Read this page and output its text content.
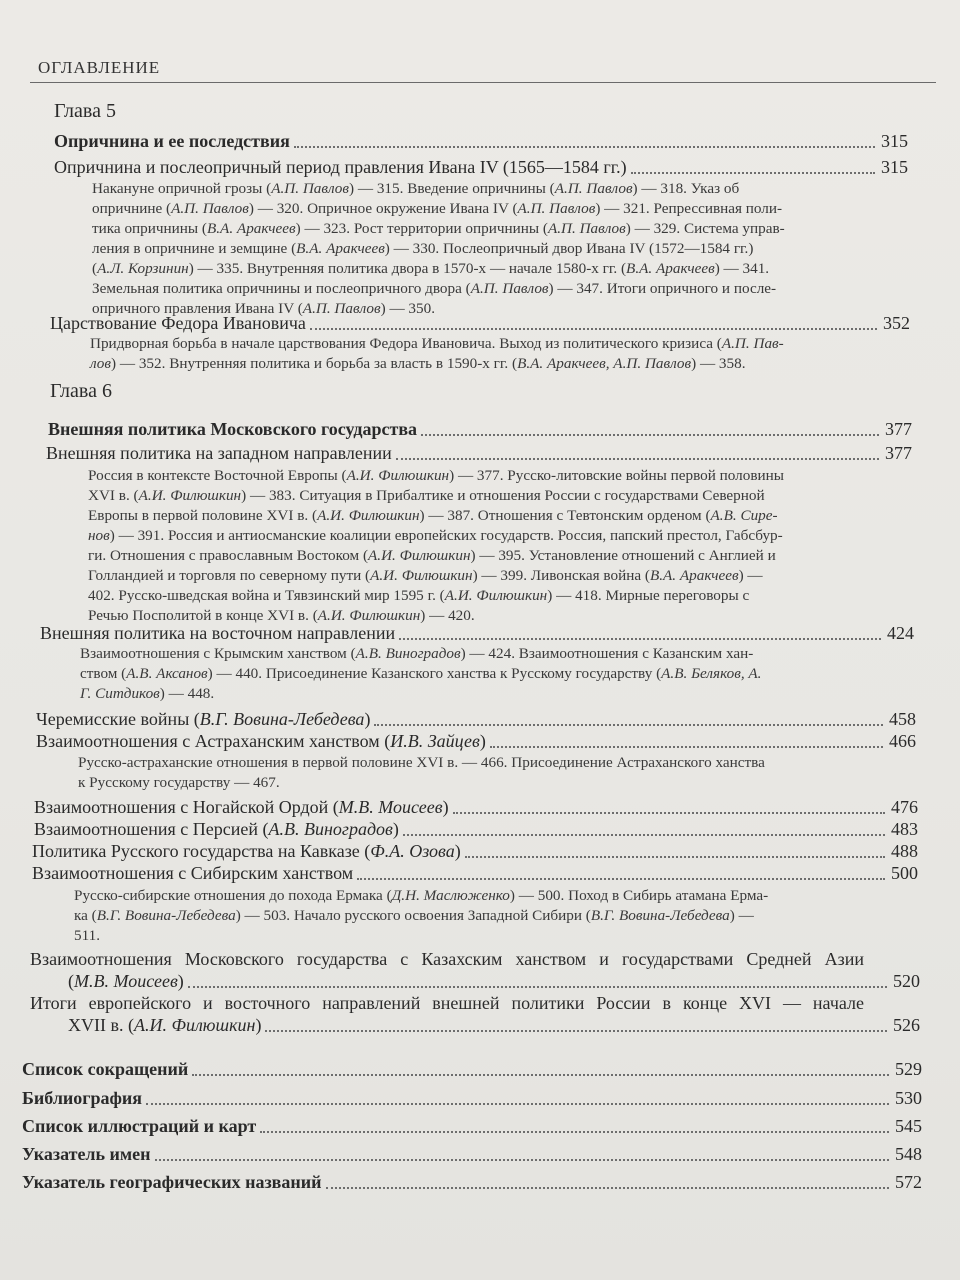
ОГЛАВЛЕНИЕ
Глава 5
Опричнина и ее последствия	315
Опричнина и послеопричный период правления Ивана IV (1565—1584 гг.)	315
Накануне опричной грозы (А.П. Павлов) — 315. Введение опричнины (А.П. Павлов) — 318. Указ об
опричнине (А.П. Павлов) — 320. Опричное окружение Ивана IV (А.П. Павлов) — 321. Репрессивная поли-
тика опричнины (В.А. Аракчеев) — 323. Рост территории опричнины (А.П. Павлов) — 329. Система управ-
ления в опричнине и земщине (В.А. Аракчеев) — 330. Послеопричный двор Ивана IV (1572—1584 гг.)
(А.Л. Корзинин) — 335. Внутренняя политика двора в 1570-х — начале 1580-х гг. (В.А. Аракчеев) — 341.
Земельная политика опричнины и послеопричного двора (А.П. Павлов) — 347. Итоги опричного и после-
опричного правления Ивана IV (А.П. Павлов) — 350.
Царствование Федора Ивановича	352
Придворная борьба в начале царствования Федора Ивановича. Выход из политического кризиса (А.П. Пав-
лов) — 352. Внутренняя политика и борьба за власть в 1590-х гг. (В.А. Аракчеев, А.П. Павлов) — 358.
Глава 6
Внешняя политика Московского государства	377
Внешняя политика на западном направлении	377
Россия в контексте Восточной Европы (А.И. Филюшкин) — 377. Русско-литовские войны первой половины
XVI в. (А.И. Филюшкин) — 383. Ситуация в Прибалтике и отношения России с государствами Северной
Европы в первой половине XVI в. (А.И. Филюшкин) — 387. Отношения с Тевтонским орденом (А.В. Сире-
нов) — 391. Россия и антиосманские коалиции европейских государств. Россия, папский престол, Габсбур-
ги. Отношения с православным Востоком (А.И. Филюшкин) — 395. Установление отношений с Англией и
Голландией и торговля по северному пути (А.И. Филюшкин) — 399. Ливонская война (В.А. Аракчеев) —
402. Русско-шведская война и Тявзинский мир 1595 г. (А.И. Филюшкин) — 418. Мирные переговоры с
Речью Посполитой в конце XVI в. (А.И. Филюшкин) — 420.
Внешняя политика на восточном направлении	424
Взаимоотношения с Крымским ханством (А.В. Виноградов) — 424. Взаимоотношения с Казанским хан-
ством (А.В. Аксанов) — 440. Присоединение Казанского ханства к Русскому государству (А.В. Беляков, А.
Г. Ситдиков) — 448.
Черемисские войны (В.Г. Вовина-Лебедева)	458
Взаимоотношения с Астраханским ханством (И.В. Зайцев)	466
Русско-астраханские отношения в первой половине XVI в. — 466. Присоединение Астраханского ханства
к Русскому государству — 467.
Взаимоотношения с Ногайской Ордой (М.В. Моисеев)	476
Взаимоотношения с Персией (А.В. Виноградов)	483
Политика Русского государства на Кавказе (Ф.А. Озова)	488
Взаимоотношения с Сибирским ханством	500
Русско-сибирские отношения до похода Ермака (Д.Н. Маслюженко) — 500. Поход в Сибирь атамана Ерма-
ка (В.Г. Вовина-Лебедева) — 503. Начало русского освоения Западной Сибири (В.Г. Вовина-Лебедева) —
511.
Взаимоотношения Московского государства с Казахским ханством и государствами Средней Азии
(М.В. Моисеев)	520
Итоги европейского и восточного направлений внешней политики России в конце XVI — начале
XVII в. (А.И. Филюшкин)	526
Список сокращений	529
Библиография	530
Список иллюстраций и карт	545
Указатель имен	548
Указатель географических названий	572
